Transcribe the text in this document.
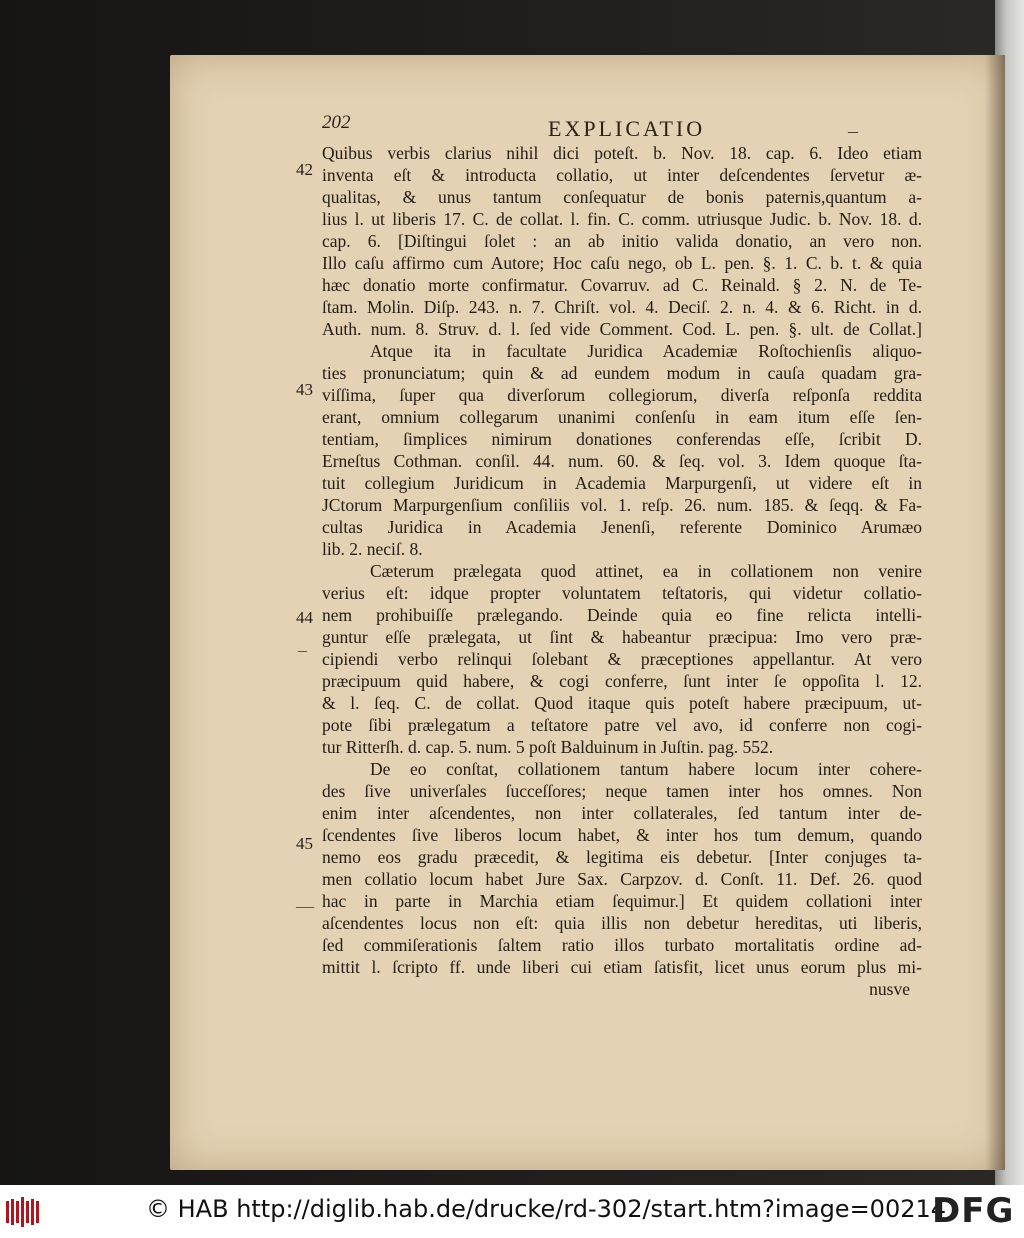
202	EXPLICATIO	–
42
43
44
45
–
—
Quibus verbis clarius nihil dici poteſt. b. Nov. 18. cap. 6. Ideo etiam
inventa eſt & introducta collatio, ut inter deſcendentes ſervetur æ-
qualitas, & unus tantum conſequatur de bonis paternis,quantum a-
lius l. ut liberis 17. C. de collat. l. fin. C. comm. utriusque Judic. b. Nov. 18. d.
cap. 6. [Diſtingui ſolet : an ab initio valida donatio, an vero non.
Illo caſu affirmo cum Autore; Hoc caſu nego, ob L. pen. §. 1. C. b. t. & quia
hæc donatio morte confirmatur. Covarruv. ad C. Reinald. § 2. N. de Te-
ſtam. Molin. Diſp. 243. n. 7. Chriſt. vol. 4. Deciſ. 2. n. 4. & 6. Richt. in d.
Auth. num. 8. Struv. d. l. ſed vide Comment. Cod. L. pen. §. ult. de Collat.]
Atque ita in facultate Juridica Academiæ Roſtochienſis aliquo-
ties pronunciatum; quin & ad eundem modum in cauſa quadam gra-
viſſima, ſuper qua diverſorum collegiorum, diverſa reſponſa reddita
erant, omnium collegarum unanimi conſenſu in eam itum eſſe ſen-
tentiam, ſimplices nimirum donationes conferendas eſſe, ſcribit D.
Erneſtus Cothman. conſil. 44. num. 60. & ſeq. vol. 3. Idem quoque ſta-
tuit collegium Juridicum in Academia Marpurgenſi, ut videre eſt in
JCtorum Marpurgenſium conſiliis vol. 1. reſp. 26. num. 185. & ſeqq. & Fa-
cultas Juridica in Academia Jenenſi, referente Dominico Arumæo
lib. 2. neciſ. 8.
Cæterum prælegata quod attinet, ea in collationem non venire
verius eſt: idque propter voluntatem teſtatoris, qui videtur collatio-
nem prohibuiſſe prælegando. Deinde quia eo fine relicta intelli-
guntur eſſe prælegata, ut ſint & habeantur præcipua: Imo vero præ-
cipiendi verbo relinqui ſolebant & præceptiones appellantur. At vero
præcipuum quid habere, & cogi conferre, ſunt inter ſe oppoſita l. 12.
& l. ſeq. C. de collat. Quod itaque quis poteſt habere præcipuum, ut-
pote ſibi prælegatum a teſtatore patre vel avo, id conferre non cogi-
tur Ritterſh. d. cap. 5. num. 5 poſt Balduinum in Juſtin. pag. 552.
De eo conſtat, collationem tantum habere locum inter cohere-
des ſive univerſales ſucceſſores; neque tamen inter hos omnes. Non
enim inter aſcendentes, non inter collaterales, ſed tantum inter de-
ſcendentes ſive liberos locum habet, & inter hos tum demum, quando
nemo eos gradu præcedit, & legitima eis debetur. [Inter conjuges ta-
men collatio locum habet Jure Sax. Carpzov. d. Conſt. 11. Def. 26. quod
hac in parte in Marchia etiam ſequimur.] Et quidem collationi inter
aſcendentes locus non eſt: quia illis non debetur hereditas, uti liberis,
ſed commiſerationis ſaltem ratio illos turbato mortalitatis ordine ad-
mittit l. ſcripto ff. unde liberi cui etiam ſatisfit, licet unus eorum plus mi-
nusve
© HAB http://diglib.hab.de/drucke/rd-302/start.htm?image=00214
DFG
